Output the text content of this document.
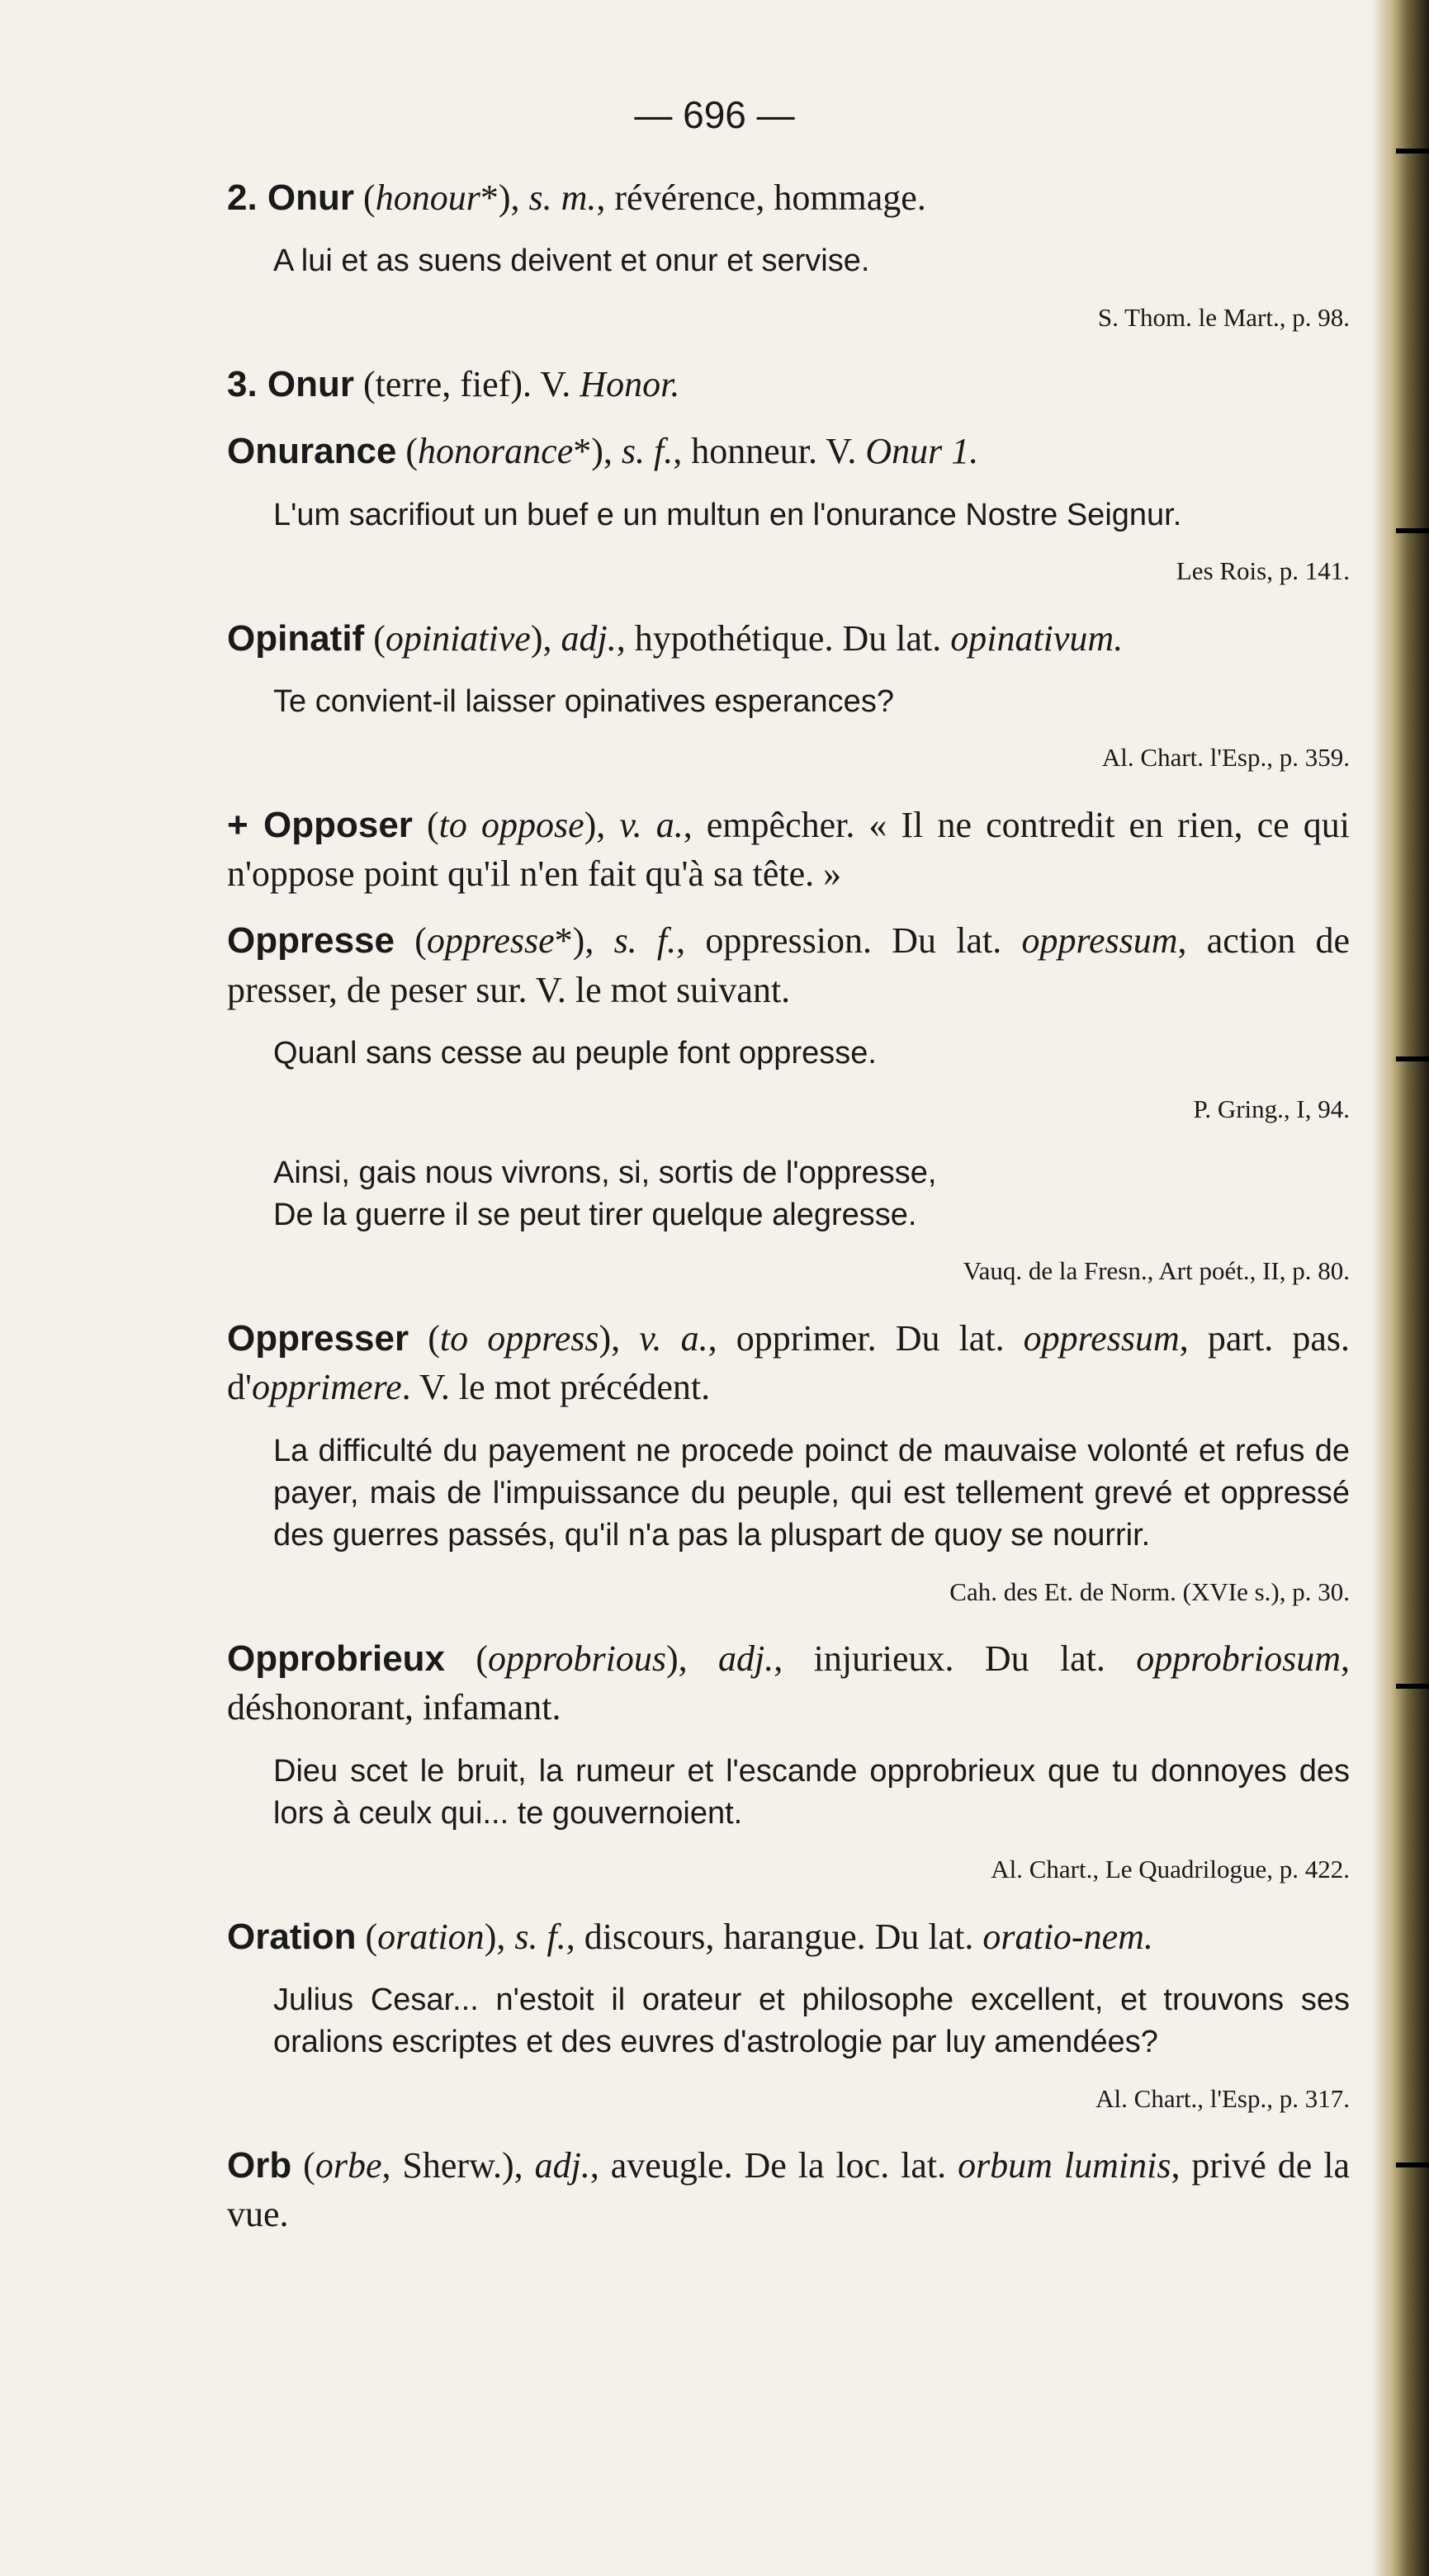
— 696 —
2. Onur (honour*), s. m., révérence, hommage.
A lui et as suens deivent et onur et servise.
S. Thom. le Mart., p. 98.
3. Onur (terre, fief). V. Honor.
Onurance (honorance*), s. f., honneur. V. Onur 1.
L'um sacrifiout un buef e un multun en l'onurance Nostre Seignur.
Les Rois, p. 141.
Opinatif (opiniative), adj., hypothétique. Du lat. opinativum.
Te convient-il laisser opinatives esperances?
Al. Chart. l'Esp., p. 359.
+ Opposer (to oppose), v. a., empêcher. « Il ne contredit en rien, ce qui n'oppose point qu'il n'en fait qu'à sa tête. »
Oppresse (oppresse*), s. f., oppression. Du lat. oppressum, action de presser, de peser sur. V. le mot suivant.
Quanl sans cesse au peuple font oppresse.
P. Gring., I, 94.
Ainsi, gais nous vivrons, si, sortis de l'oppresse,
De la guerre il se peut tirer quelque alegresse.
Vauq. de la Fresn., Art poét., II, p. 80.
Oppresser (to oppress), v. a., opprimer. Du lat. oppressum, part. pas. d'opprimere. V. le mot précédent.
La difficulté du payement ne procede poinct de mauvaise volonté et refus de payer, mais de l'impuissance du peuple, qui est tellement grevé et oppressé des guerres passés, qu'il n'a pas la pluspart de quoy se nourrir.
Cah. des Et. de Norm. (XVIe s.), p. 30.
Opprobrieux (opprobrious), adj., injurieux. Du lat. opprobriosum, déshonorant, infamant.
Dieu scet le bruit, la rumeur et l'escande opprobrieux que tu donnoyes des lors à ceulx qui... te gouvernoient.
Al. Chart., Le Quadrilogue, p. 422.
Oration (oration), s. f., discours, harangue. Du lat. oratio-nem.
Julius Cesar... n'estoit il orateur et philosophe excellent, et trouvons ses oralions escriptes et des euvres d'astrologie par luy amendées?
Al. Chart., l'Esp., p. 317.
Orb (orbe, Sherw.), adj., aveugle. De la loc. lat. orbum luminis, privé de la vue.
